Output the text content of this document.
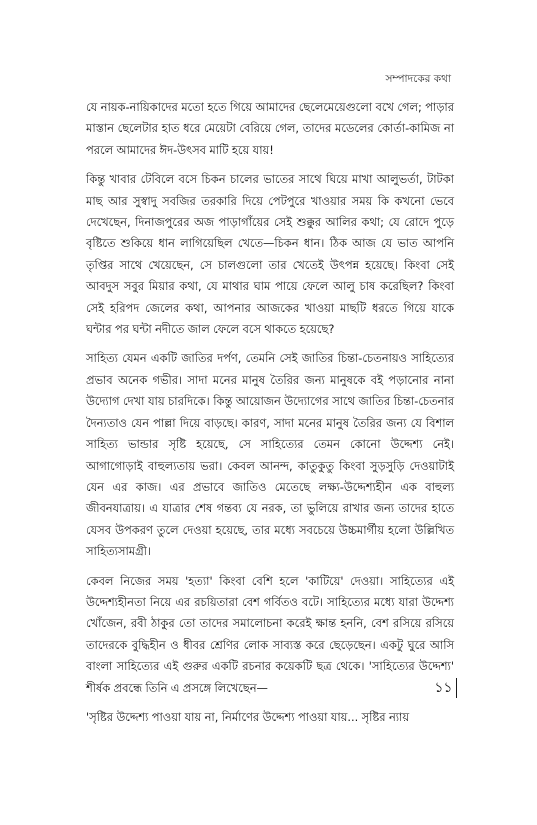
সম্পাদকের কথা

যে নায়ক-নায়িকাদের মতো হতে গিয়ে আমাদের ছেলেমেয়েগুলো বখে গেল; পাড়ার মাস্তান ছেলেটার হাত ধরে মেয়েটা বেরিয়ে গেল, তাদের মডেলের কোর্তা-কামিজ না পরলে আমাদের ঈদ-উৎসব মাটি হয়ে যায়!

কিন্তু খাবার টেবিলে বসে চিকন চালের ভাতের সাথে ঘিয়ে মাখা আলুভর্তা, টাটকা মাছ আর সুস্বাদু সবজির তরকারি দিয়ে পেটপুরে খাওয়ার সময় কি কখনো ভেবে দেখেছেন, দিনাজপুরের অজ পাড়াগাঁয়ের সেই শুক্কুর আলির কথা; যে রোদে পুড়ে বৃষ্টিতে শুকিয়ে ধান লাগিয়েছিল খেতে—চিকন ধান। ঠিক আজ যে ভাত আপনি তৃপ্তির সাথে খেয়েছেন, সে চালগুলো তার খেতেই উৎপন্ন হয়েছে। কিংবা সেই আবদুস সবুর মিয়ার কথা, যে মাথার ঘাম পায়ে ফেলে আলু চাষ করেছিল? কিংবা সেই হরিপদ জেলের কথা, আপনার আজকের খাওয়া মাছটি ধরতে গিয়ে যাকে ঘন্টার পর ঘন্টা নদীতে জাল ফেলে বসে থাকতে হয়েছে?

সাহিত্য যেমন একটি জাতির দর্পণ, তেমনি সেই জাতির চিন্তা-চেতনায়ও সাহিত্যের প্রভাব অনেক গভীর। সাদা মনের মানুষ তৈরির জন্য মানুষকে বই পড়ানোর নানা উদ্যোগ দেখা যায় চারদিকে। কিন্তু আয়োজন উদ্যোগের সাথে জাতির চিন্তা-চেতনার দৈন্যতাও যেন পাল্লা দিয়ে বাড়ছে। কারণ, সাদা মনের মানুষ তৈরির জন্য যে বিশাল সাহিত্য ভান্ডার সৃষ্টি হয়েছে, সে সাহিত্যের তেমন কোনো উদ্দেশ্য নেই। আগাগোড়াই বাহুল্যতায় ভরা। কেবল আনন্দ, কাতুকুতু কিংবা সুড়সুড়ি দেওয়াটাই যেন এর কাজ। এর প্রভাবে জাতিও মেতেছে লক্ষ্য-উদ্দেশ্যহীন এক বাহুল্য জীবনযাত্রায়। এ যাত্রার শেষ গন্তব্য যে নরক, তা ভুলিয়ে রাখার জন্য তাদের হাতে যেসব উপকরণ তুলে দেওয়া হয়েছে, তার মধ্যে সবচেয়ে উচ্চমার্গীয় হলো উল্লিখিত সাহিত্যসামগ্রী।

কেবল নিজের সময় 'হত্যা' কিংবা বেশি হলে 'কাটিয়ে' দেওয়া। সাহিত্যের এই উদ্দেশ্যহীনতা নিয়ে এর রচয়িতারা বেশ গর্বিতও বটে। সাহিত্যের মধ্যে যারা উদ্দেশ্য খোঁজেন, রবী ঠাকুর তো তাদের সমালোচনা করেই ক্ষান্ত হননি, বেশ রসিয়ে রসিয়ে তাদেরকে বুদ্ধিহীন ও ধীবর শ্রেণির লোক সাব্যস্ত করে ছেড়েছেন। একটু ঘুরে আসি বাংলা সাহিত্যের এই গুরুর একটি রচনার কয়েকটি ছত্র থেকে। 'সাহিত্যের উদ্দেশ্য' শীর্ষক প্রবন্ধে তিনি এ প্রসঙ্গে লিখেছেন—

'সৃষ্টির উদ্দেশ্য পাওয়া যায় না, নির্মাণের উদ্দেশ্য পাওয়া যায়... সৃষ্টির ন্যায়

১১
